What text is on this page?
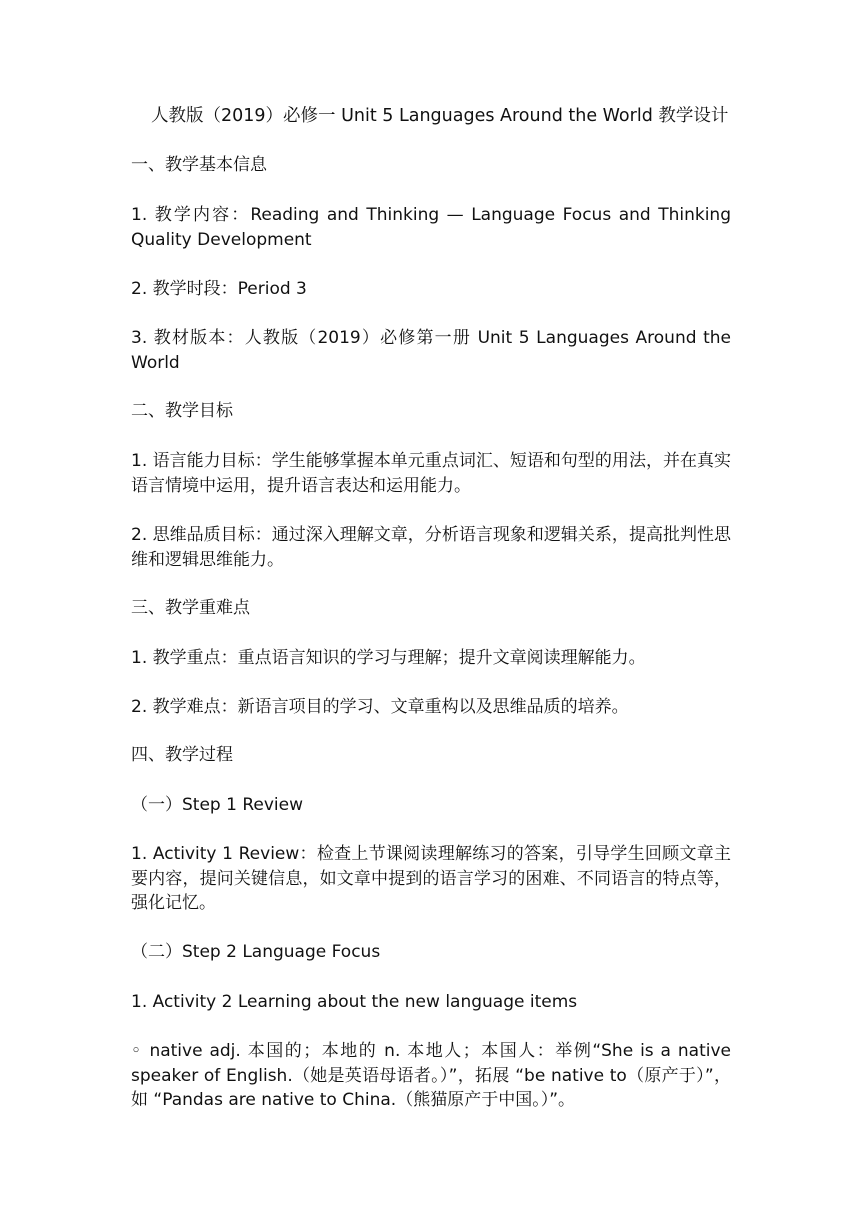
人教版（2019）必修一 Unit 5 Languages Around the World 教学设计
一、教学基本信息
1. 教学内容：Reading and Thinking — Language Focus and Thinking Quality Development
2. 教学时段：Period 3
3. 教材版本：人教版（2019）必修第一册 Unit 5 Languages Around the World
二、教学目标
1. 语言能力目标：学生能够掌握本单元重点词汇、短语和句型的用法，并在真实语言情境中运用，提升语言表达和运用能力。
2. 思维品质目标：通过深入理解文章，分析语言现象和逻辑关系，提高批判性思维和逻辑思维能力。
三、教学重难点
1. 教学重点：重点语言知识的学习与理解；提升文章阅读理解能力。
2. 教学难点：新语言项目的学习、文章重构以及思维品质的培养。
四、教学过程
（一）Step 1 Review
1. Activity 1 Review：检查上节课阅读理解练习的答案，引导学生回顾文章主要内容，提问关键信息，如文章中提到的语言学习的困难、不同语言的特点等，强化记忆。
（二）Step 2 Language Focus
1. Activity 2 Learning about the new language items
◦ native adj. 本国的；本地的 n. 本地人；本国人：举例“She is a native speaker of English.（她是英语母语者。）”，拓展 “be native to（原产于）”，如 “Pandas are native to China.（熊猫原产于中国。）”。
